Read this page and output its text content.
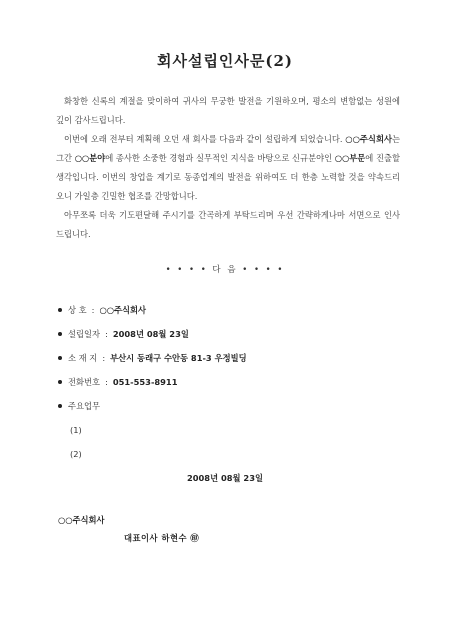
회사설립인사문(2)

화창한 신록의 계절을 맞이하여 귀사의 무궁한 발전을 기원하오며, 평소의 변함없는 성원에 깊이 감사드립니다.

이번에 오래 전부터 계획해 오던 새 회사를 다음과 같이 설립하게 되었습니다. ○○주식회사는 그간 ○○분야에 종사한 소중한 경험과 실무적인 지식을 바탕으로 신규분야인 ○○부문에 진출할 생각입니다. 이번의 창업을 계기로 동종업계의 발전을 위하여도 더 한층 노력할 것을 약속드리오니 가일층 긴밀한 협조를 간망합니다.

아무쪼록 더욱 기도편달해 주시기를 간곡하게 부탁드리며 우선 간략하게나마 서면으로 인사드립니다.

• • • • 다 음 • • • •
상 호 : ○○주식회사
설립일자 : 2008년 08월 23일
소 재 지 : 부산시 동래구 수안동 81-3 우정빌딩
전화번호 : 051-553-8911
주요업무
(1)
(2)
2008년 08월 23일
○○주식회사
대표이사 하현수 ㊞
